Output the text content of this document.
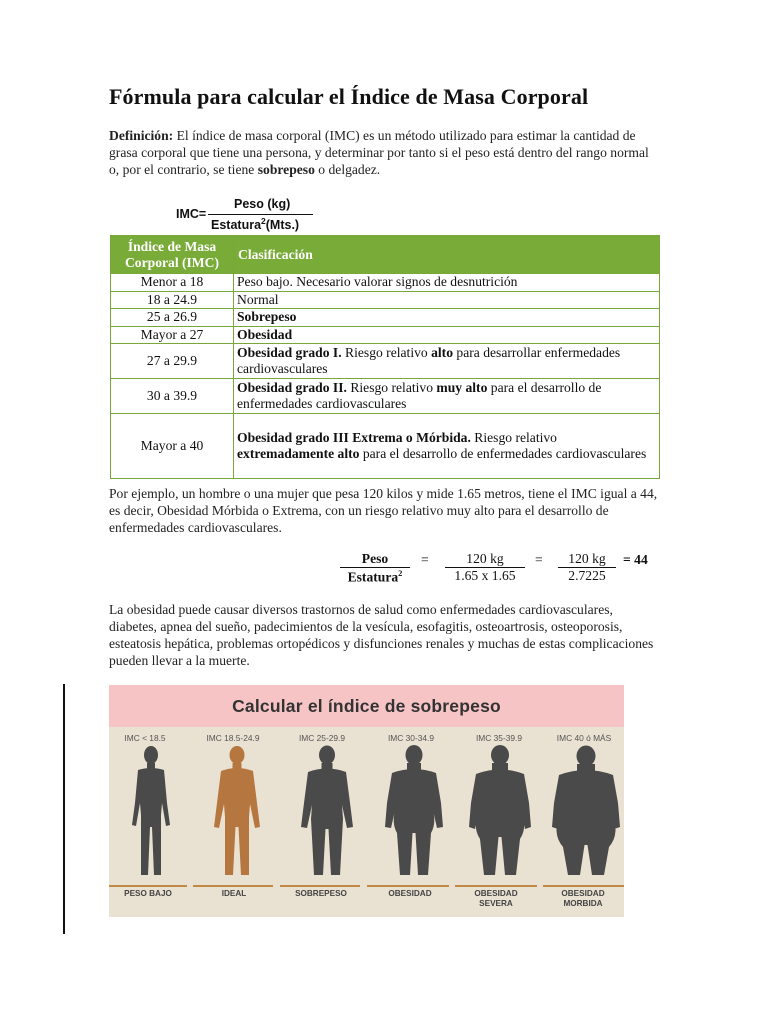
Fórmula para calcular el Índice de Masa Corporal

Definición: El índice de masa corporal (IMC) es un método utilizado para estimar la cantidad de grasa corporal que tiene una persona, y determinar por tanto si el peso está dentro del rango normal o, por el contrario, se tiene sobrepeso o delgadez.

IMC=
Peso (kg)
Estatura$^2$(Mts.)
Índice de Masa Corporal (IMC)	Clasificación
Menor a 18	Peso bajo. Necesario valorar signos de desnutrición
18 a 24.9	Normal
25 a 26.9	Sobrepeso
Mayor a 27	Obesidad
27 a 29.9	Obesidad grado I. Riesgo relativo alto para desarrollar enfermedades cardiovasculares
30 a 39.9	Obesidad grado II. Riesgo relativo muy alto para el desarrollo de enfermedades cardiovasculares
Mayor a 40	Obesidad grado III Extrema o Mórbida. Riesgo relativo extremadamente alto para el desarrollo de enfermedades cardiovasculares

Por ejemplo, un hombre o una mujer que pesa 120 kilos y mide 1.65 metros, tiene el IMC igual a 44, es decir, Obesidad Mórbida o Extrema, con un riesgo relativo muy alto para el desarrollo de enfermedades cardiovasculares.

Peso
Estatura$^2$
= $\frac{120 kg}{1.65 x 1.65} = \frac{120 kg}{2.7225} = 44$

La obesidad puede causar diversos trastornos de salud como enfermedades cardiovasculares, diabetes, apnea del sueño, padecimientos de la vesícula, esofagitis, osteoartrosis, osteoporosis, esteatosis hepática, problemas ortopédicos y disfunciones renales y muchas de estas complicaciones pueden llevar a la muerte.

Calcular el índice de sobrepeso
IMC < 18.5	IMC 18.5-24.9	IMC 25-29.9	IMC 30-34.9	IMC 35-39.9	IMC 40 ó MÁS
PESO BAJO	IDEAL	SOBREPESO	OBESIDAD	OBESIDAD SEVERA
OBESIDAD MORBIDA
